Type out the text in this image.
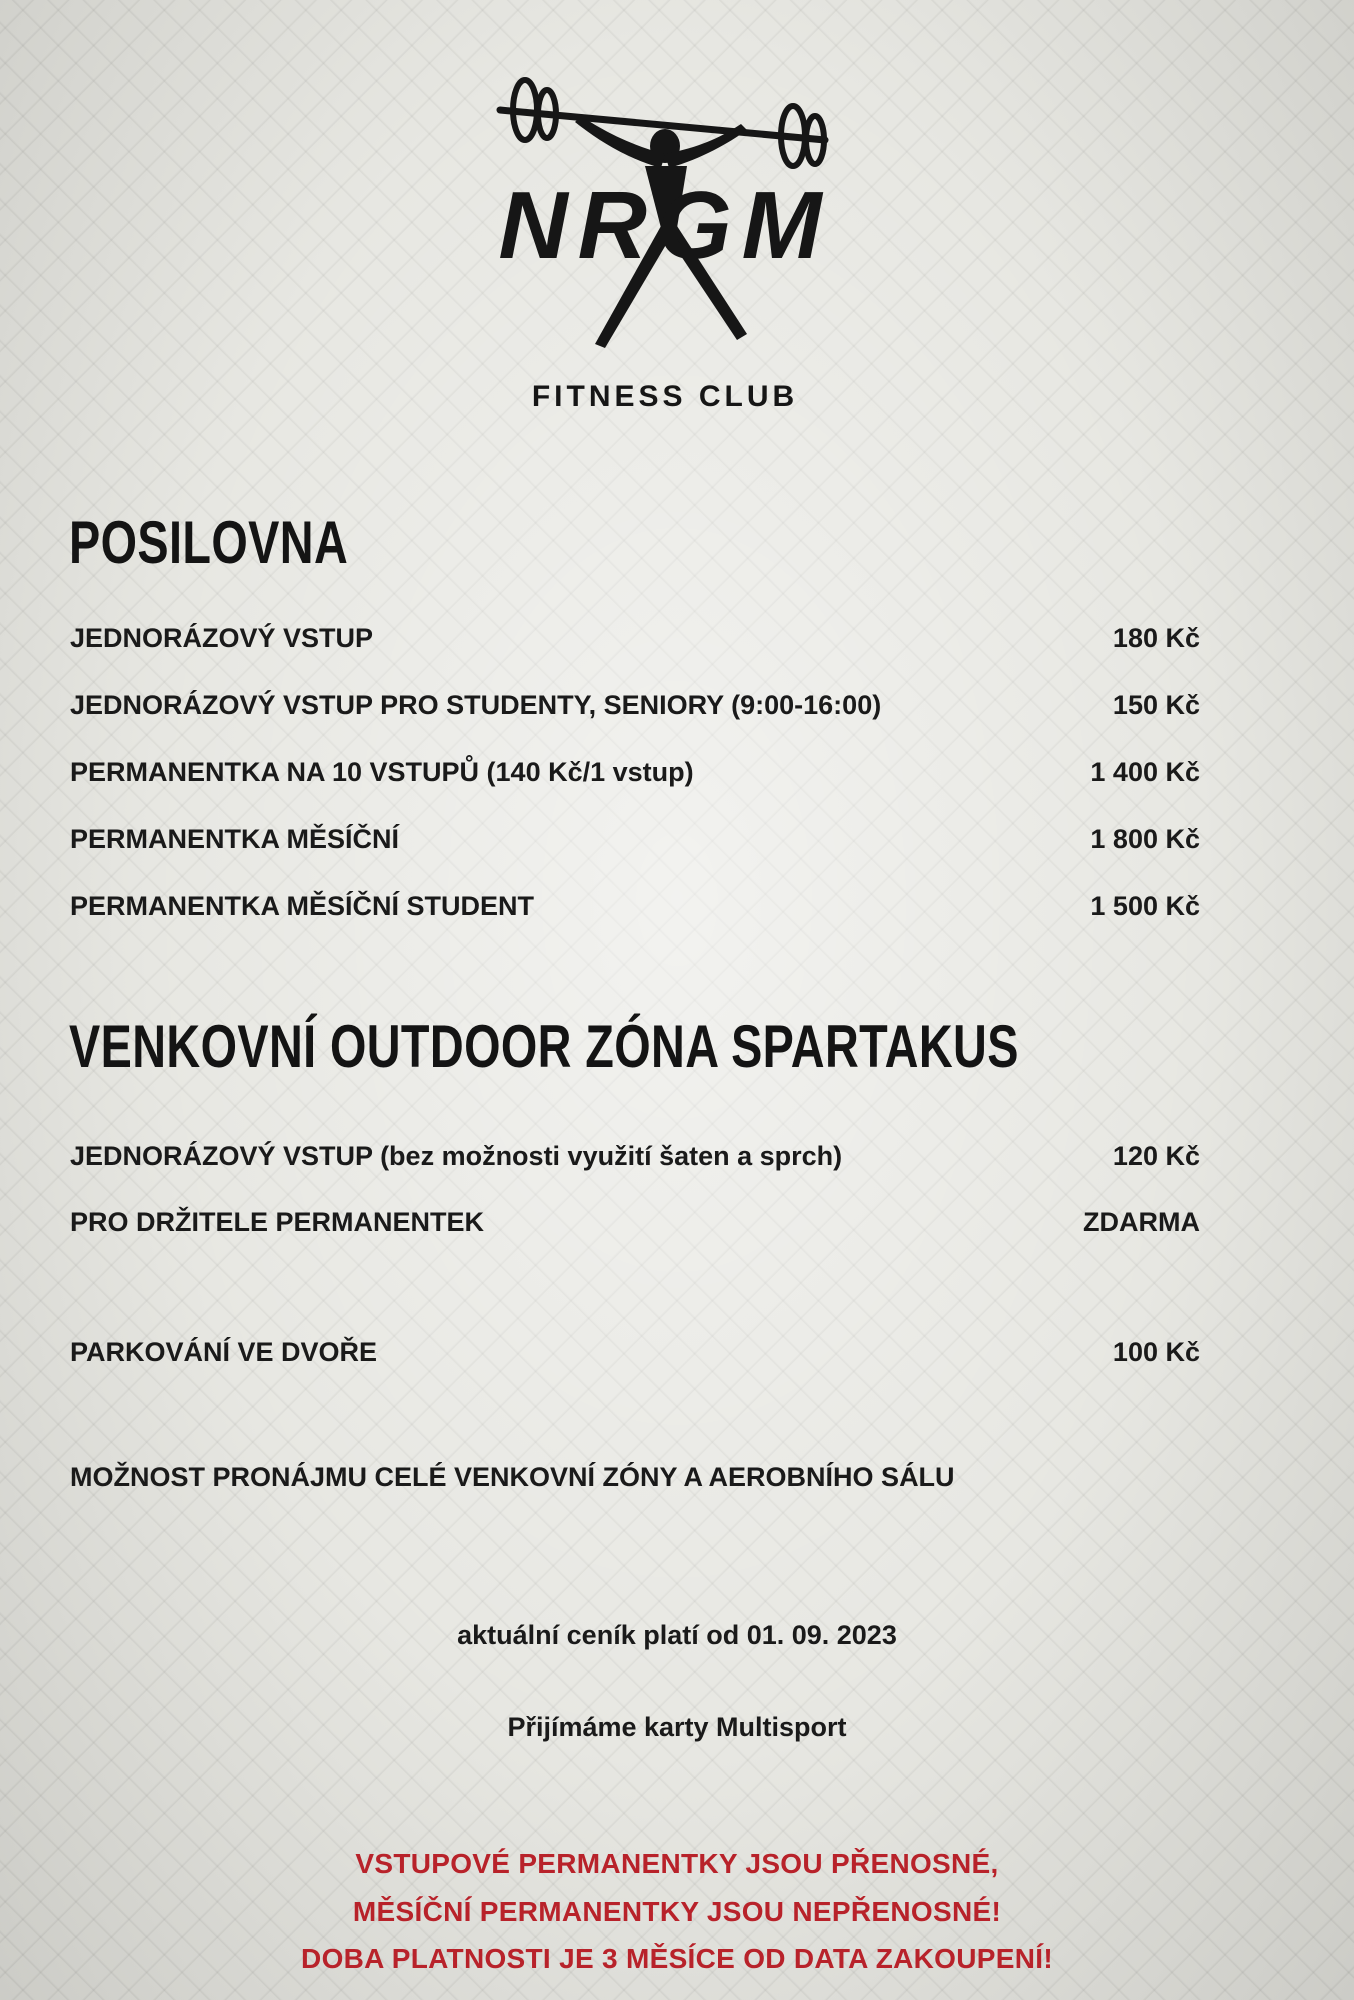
NRGM
FITNESS CLUB
POSILOVNA
JEDNORÁZOVÝ VSTUP	180 Kč
JEDNORÁZOVÝ VSTUP PRO STUDENTY, SENIORY (9:00-16:00)	150 Kč
PERMANENTKA NA 10 VSTUPŮ (140 Kč/1 vstup)	1 400 Kč
PERMANENTKA MĚSÍČNÍ	1 800 Kč
PERMANENTKA MĚSÍČNÍ STUDENT	1 500 Kč
VENKOVNÍ OUTDOOR ZÓNA SPARTAKUS
JEDNORÁZOVÝ VSTUP (bez možnosti využití šaten a sprch)	120 Kč
PRO DRŽITELE PERMANENTEK	ZDARMA
PARKOVÁNÍ VE DVOŘE	100 Kč
MOŽNOST PRONÁJMU CELÉ VENKOVNÍ ZÓNY A AEROBNÍHO SÁLU
aktuální ceník platí od 01. 09. 2023
Přijímáme karty Multisport
VSTUPOVÉ PERMANENTKY JSOU PŘENOSNÉ,
MĚSÍČNÍ PERMANENTKY JSOU NEPŘENOSNÉ!
DOBA PLATNOSTI JE 3 MĚSÍCE OD DATA ZAKOUPENÍ!
